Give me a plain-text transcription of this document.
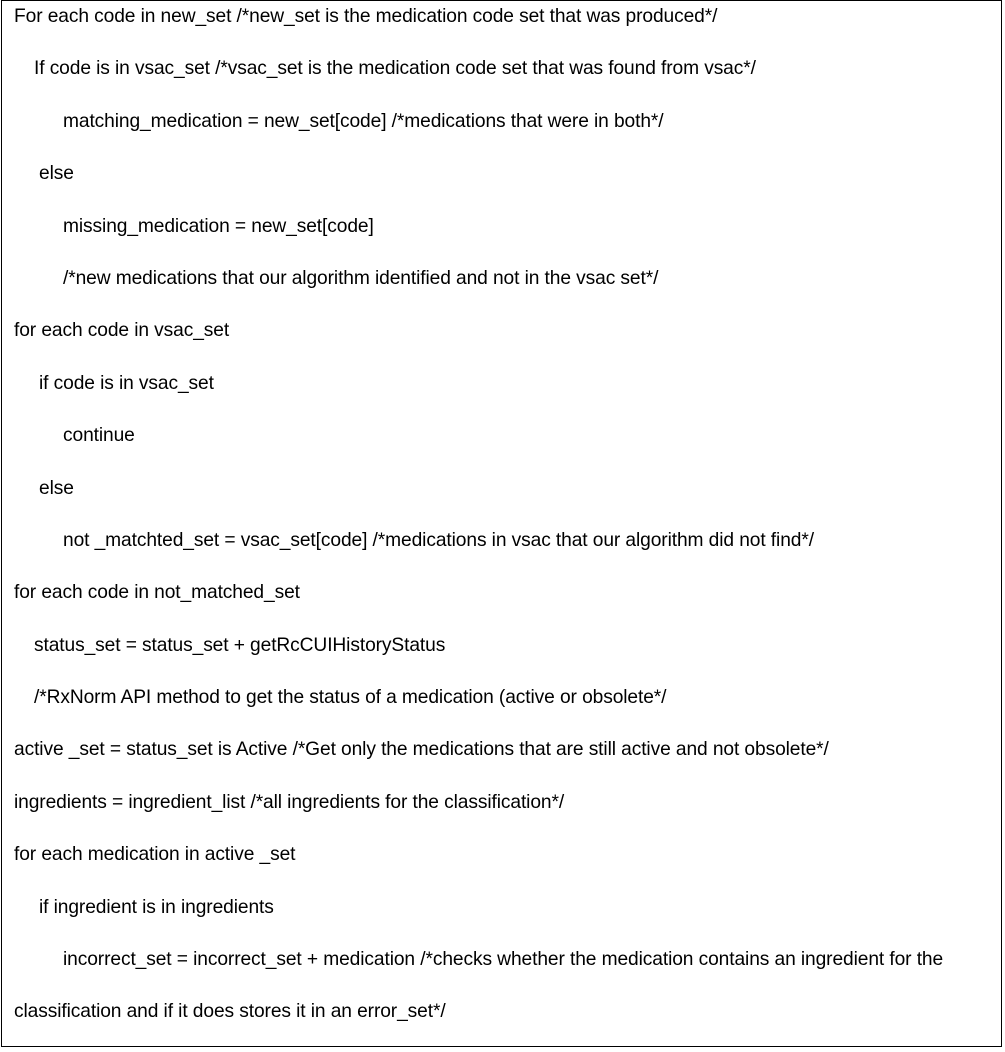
For each code in new_set /*new_set is the medication code set that was produced*/
If code is in vsac_set /*vsac_set is the medication code set that was found from vsac*/
matching_medication = new_set[code] /*medications that were in both*/
else
missing_medication = new_set[code]
/*new medications that our algorithm identified and not in the vsac set*/
for each code in vsac_set
if code is in vsac_set
continue
else
not _matchted_set = vsac_set[code] /*medications in vsac that our algorithm did not find*/
for each code in not_matched_set
status_set = status_set + getRcCUIHistoryStatus
/*RxNorm API method to get the status of a medication (active or obsolete*/
active _set = status_set is Active /*Get only the medications that are still active and not obsolete*/
ingredients = ingredient_list /*all ingredients for the classification*/
for each medication in active _set
if ingredient is in ingredients
incorrect_set = incorrect_set + medication /*checks whether the medication contains an ingredient for the
classification and if it does stores it in an error_set*/
